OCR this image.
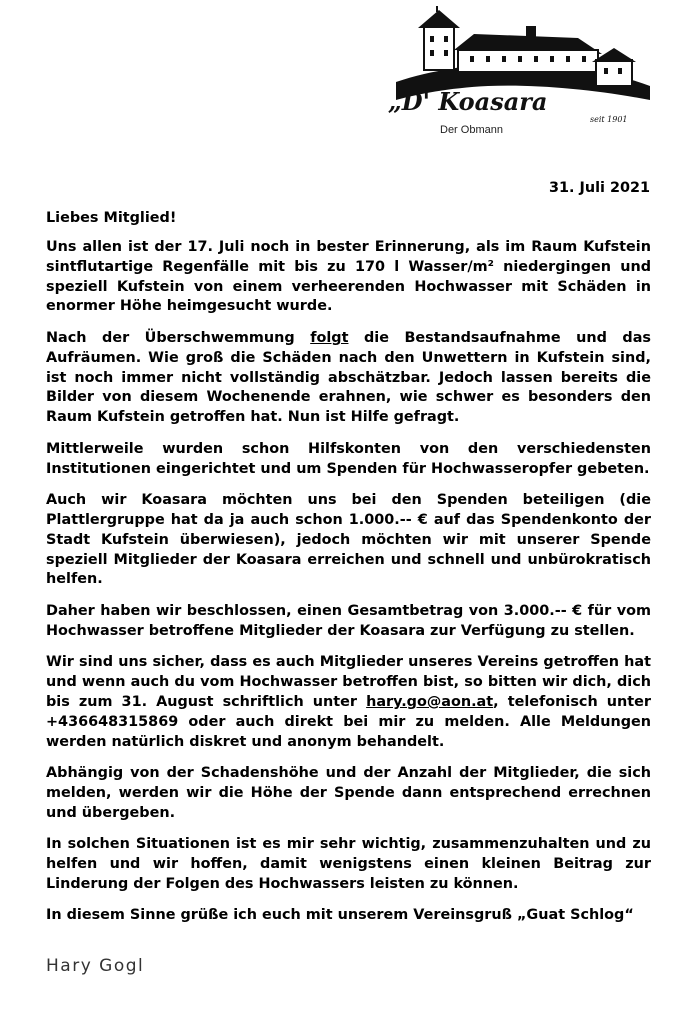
„D' Koasara
seit 1901
Der Obmann
31. Juli 2021
Liebes Mitglied!

Uns allen ist der 17. Juli noch in bester Erinnerung, als im Raum Kufstein sintflutartige Regenfälle mit bis zu 170 l Wasser/m² niedergingen und speziell Kufstein von einem verheerenden Hochwasser mit Schäden in enormer Höhe heimgesucht wurde.

Nach der Überschwemmung folgt die Bestandsaufnahme und das Aufräumen. Wie groß die Schäden nach den Unwettern in Kufstein sind, ist noch immer nicht vollständig abschätzbar. Jedoch lassen bereits die Bilder von diesem Wochenende erahnen, wie schwer es besonders den Raum Kufstein getroffen hat. Nun ist Hilfe gefragt.

Mittlerweile wurden schon Hilfskonten von den verschiedensten Institutionen eingerichtet und um Spenden für Hochwasseropfer gebeten.

Auch wir Koasara möchten uns bei den Spenden beteiligen (die Plattlergruppe hat da ja auch schon 1.000.-- € auf das Spendenkonto der Stadt Kufstein überwiesen), jedoch möchten wir mit unserer Spende speziell Mitglieder der Koasara erreichen und schnell und unbürokratisch helfen.

Daher haben wir beschlossen, einen Gesamtbetrag von 3.000.-- € für vom Hochwasser betroffene Mitglieder der Koasara zur Verfügung zu stellen.

Wir sind uns sicher, dass es auch Mitglieder unseres Vereins getroffen hat und wenn auch du vom Hochwasser betroffen bist, so bitten wir dich, dich bis zum 31. August schriftlich unter hary.go@aon.at, telefonisch unter +436648315869 oder auch direkt bei mir zu melden. Alle Meldungen werden natürlich diskret und anonym behandelt.

Abhängig von der Schadenshöhe und der Anzahl der Mitglieder, die sich melden, werden wir die Höhe der Spende dann entsprechend errechnen und übergeben.

In solchen Situationen ist es mir sehr wichtig, zusammenzuhalten und zu helfen und wir hoffen, damit wenigstens einen kleinen Beitrag zur Linderung der Folgen des Hochwassers leisten zu können.

In diesem Sinne grüße ich euch mit unserem Vereinsgruß „Guat Schlog“

Hary Gogl
